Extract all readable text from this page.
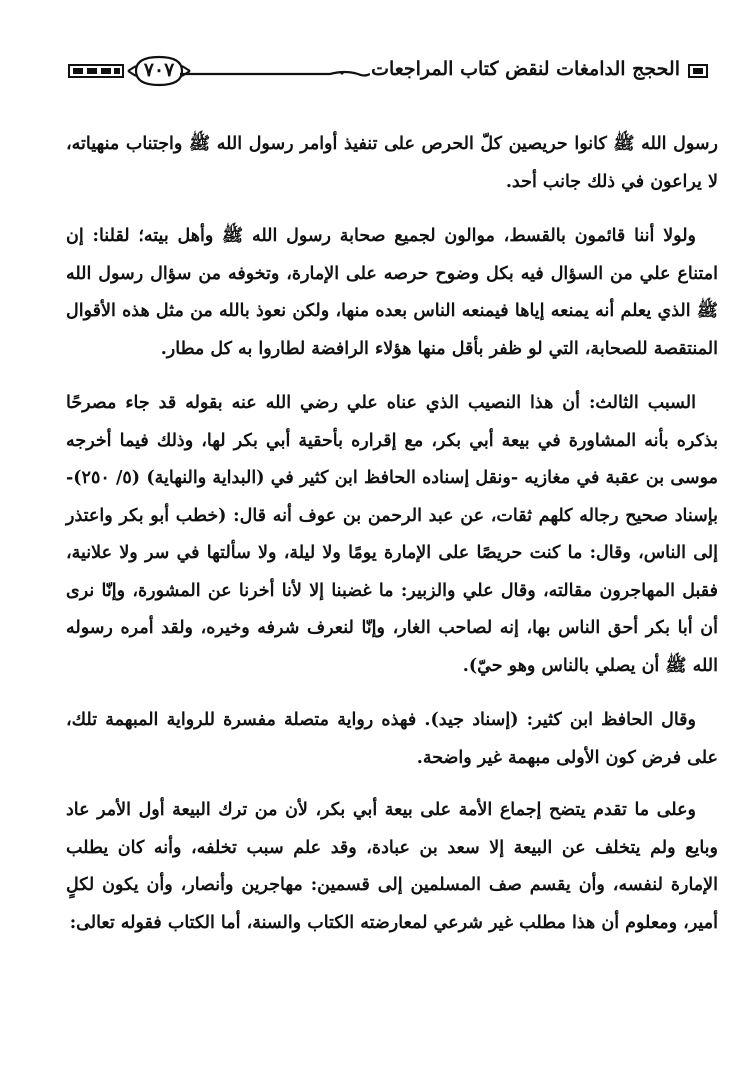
الحجج الدامغات لنقض كتاب المراجعات
٧٠٧

رسول الله ﷺ كانوا حريصين كلّ الحرص على تنفيذ أوامر رسول الله ﷺ واجتناب منهياته، لا يراعون في ذلك جانب أحد.

ولولا أننا قائمون بالقسط، موالون لجميع صحابة رسول الله ﷺ وأهل بيته؛ لقلنا: إن امتناع علي من السؤال فيه بكل وضوح حرصه على الإمارة، وتخوفه من سؤال رسول الله ﷺ الذي يعلم أنه يمنعه إياها فيمنعه الناس بعده منها، ولكن نعوذ بالله من مثل هذه الأقوال المنتقصة للصحابة، التي لو ظفر بأقل منها هؤلاء الرافضة لطاروا به كل مطار.

السبب الثالث: أن هذا النصيب الذي عناه علي رضي الله عنه بقوله قد جاء مصرحًا بذكره بأنه المشاورة في بيعة أبي بكر، مع إقراره بأحقية أبي بكر لها، وذلك فيما أخرجه موسى بن عقبة في مغازيه -ونقل إسناده الحافظ ابن كثير في (البداية والنهاية) (٥/ ٢٥٠)- بإسناد صحيح رجاله كلهم ثقات، عن عبد الرحمن بن عوف أنه قال: (خطب أبو بكر واعتذر إلى الناس، وقال: ما كنت حريصًا على الإمارة يومًا ولا ليلة، ولا سألتها في سر ولا علانية، فقبل المهاجرون مقالته، وقال علي والزبير: ما غضبنا إلا لأنا أخرنا عن المشورة، وإنّا نرى أن أبا بكر أحق الناس بها، إنه لصاحب الغار، وإنّا لنعرف شرفه وخيره، ولقد أمره رسوله الله ﷺ أن يصلي بالناس وهو حيّ).

وقال الحافظ ابن كثير: (إسناد جيد). فهذه رواية متصلة مفسرة للرواية المبهمة تلك، على فرض كون الأولى مبهمة غير واضحة.

وعلى ما تقدم يتضح إجماع الأمة على بيعة أبي بكر، لأن من ترك البيعة أول الأمر عاد وبايع ولم يتخلف عن البيعة إلا سعد بن عبادة، وقد علم سبب تخلفه، وأنه كان يطلب الإمارة لنفسه، وأن يقسم صف المسلمين إلى قسمين: مهاجرين وأنصار، وأن يكون لكلٍ أمير، ومعلوم أن هذا مطلب غير شرعي لمعارضته الكتاب والسنة، أما الكتاب فقوله تعالى:
